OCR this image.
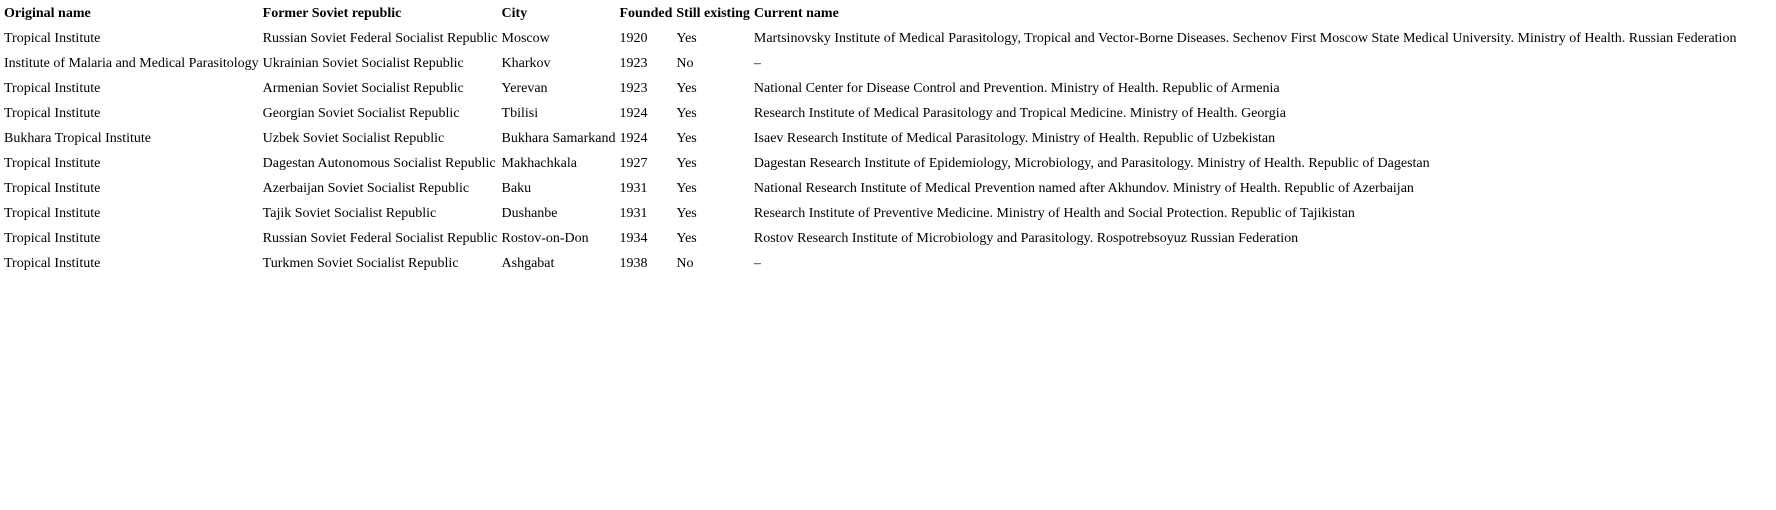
Original name	Former Soviet republic	City	Founded	Still existing	Current name
Tropical Institute	Russian Soviet Federal Socialist Republic	Moscow	1920	Yes	Martsinovsky Institute of Medical Parasitology, Tropical and Vector-Borne Diseases. Sechenov First Moscow State Medical University. Ministry of Health. Russian Federation
Institute of Malaria and Medical Parasitology	Ukrainian Soviet Socialist Republic	Kharkov	1923	No	–
Tropical Institute	Armenian Soviet Socialist Republic	Yerevan	1923	Yes	National Center for Disease Control and Prevention. Ministry of Health. Republic of Armenia
Tropical Institute	Georgian Soviet Socialist Republic	Tbilisi	1924	Yes	Research Institute of Medical Parasitology and Tropical Medicine. Ministry of Health. Georgia
Bukhara Tropical Institute	Uzbek Soviet Socialist Republic	Bukhara Samarkand	1924	Yes	Isaev Research Institute of Medical Parasitology. Ministry of Health. Republic of Uzbekistan
Tropical Institute	Dagestan Autonomous Socialist Republic	Makhachkala	1927	Yes	Dagestan Research Institute of Epidemiology, Microbiology, and Parasitology. Ministry of Health. Republic of Dagestan
Tropical Institute	Azerbaijan Soviet Socialist Republic	Baku	1931	Yes	National Research Institute of Medical Prevention named after Akhundov. Ministry of Health. Republic of Azerbaijan
Tropical Institute	Tajik Soviet Socialist Republic	Dushanbe	1931	Yes	Research Institute of Preventive Medicine. Ministry of Health and Social Protection. Republic of Tajikistan
Tropical Institute	Russian Soviet Federal Socialist Republic	Rostov-on-Don	1934	Yes	Rostov Research Institute of Microbiology and Parasitology. Rospotrebsoyuz Russian Federation
Tropical Institute	Turkmen Soviet Socialist Republic	Ashgabat	1938	No	–
